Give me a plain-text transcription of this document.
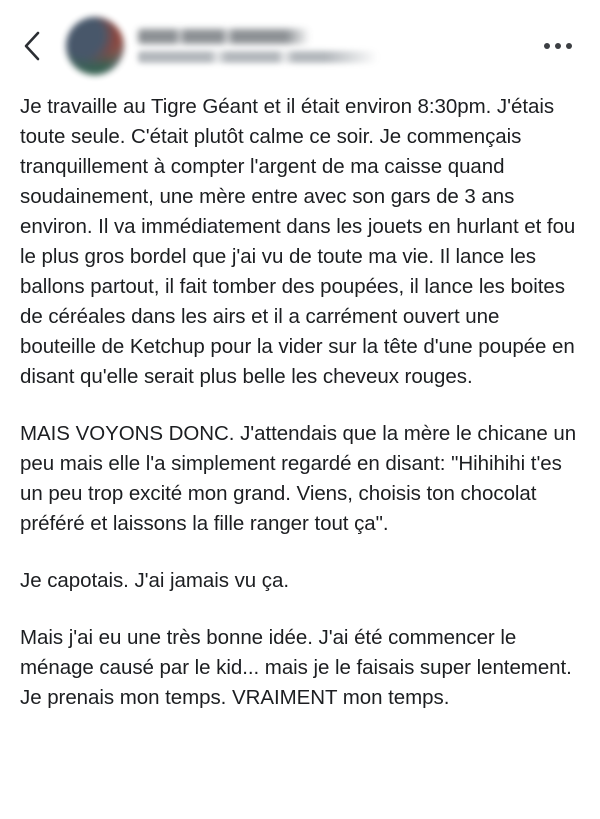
Je travaille au Tigre Géant et il était environ 8:30pm. J'étais toute seule. C'était plutôt calme ce soir. Je commençais tranquillement à compter l'argent de ma caisse quand soudainement, une mère entre avec son gars de 3 ans environ. Il va immédiatement dans les jouets en hurlant et fou le plus gros bordel que j'ai vu de toute ma vie. Il lance les ballons partout, il fait tomber des poupées, il lance les boites de céréales dans les airs et il a carrément ouvert une bouteille de Ketchup pour la vider sur la tête d'une poupée en disant qu'elle serait plus belle les cheveux rouges.

MAIS VOYONS DONC. J'attendais que la mère le chicane un peu mais elle l'a simplement regardé en disant: "Hihihihi t'es un peu trop excité mon grand. Viens, choisis ton chocolat préféré et laissons la fille ranger tout ça".

Je capotais. J'ai jamais vu ça.

Mais j'ai eu une très bonne idée. J'ai été commencer le ménage causé par le kid... mais je le faisais super lentement. Je prenais mon temps. VRAIMENT mon temps.
